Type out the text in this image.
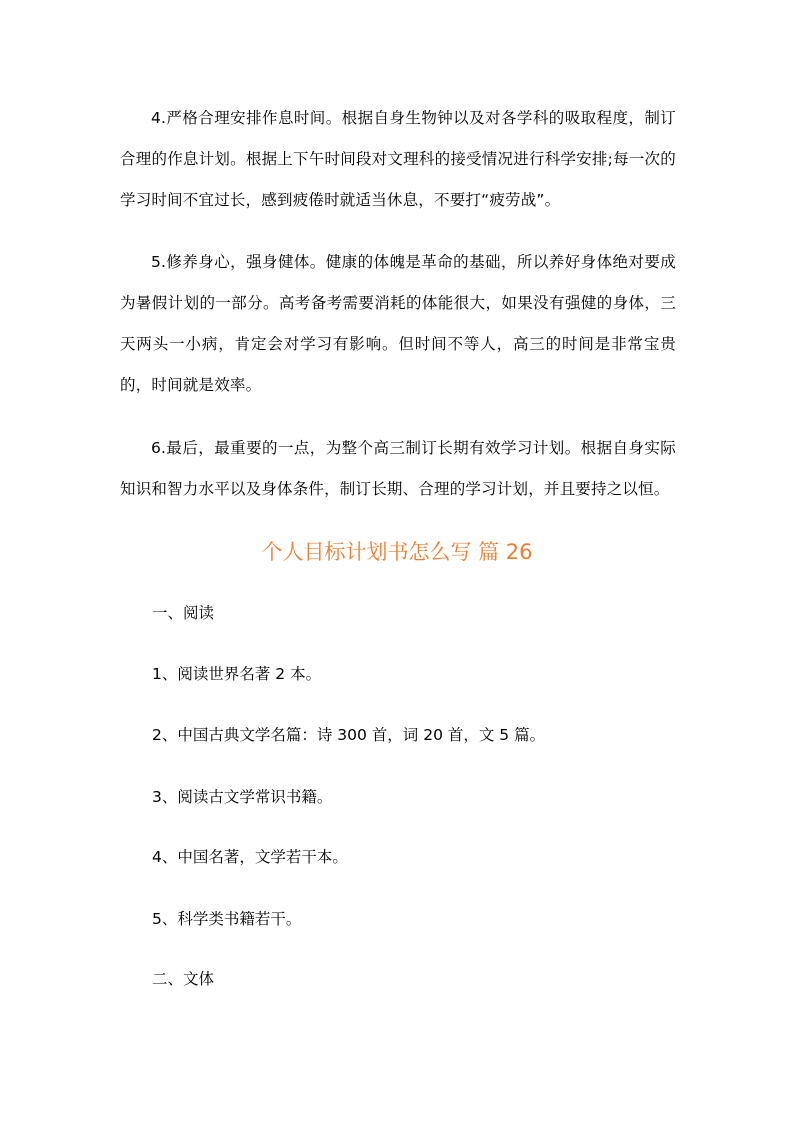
4.严格合理安排作息时间。根据自身生物钟以及对各学科的吸取程度，制订合理的作息计划。根据上下午时间段对文理科的接受情况进行科学安排;每一次的学习时间不宜过长，感到疲倦时就适当休息，不要打“疲劳战”。

5.修养身心，强身健体。健康的体魄是革命的基础，所以养好身体绝对要成为暑假计划的一部分。高考备考需要消耗的体能很大，如果没有强健的身体，三天两头一小病，肯定会对学习有影响。但时间不等人，高三的时间是非常宝贵的，时间就是效率。

6.最后，最重要的一点，为整个高三制订长期有效学习计划。根据自身实际知识和智力水平以及身体条件，制订长期、合理的学习计划，并且要持之以恒。

个人目标计划书怎么写 篇 26

一、阅读

1、阅读世界名著 2 本。

2、中国古典文学名篇：诗 300 首，词 20 首，文 5 篇。

3、阅读古文学常识书籍。

4、中国名著，文学若干本。

5、科学类书籍若干。

二、文体
